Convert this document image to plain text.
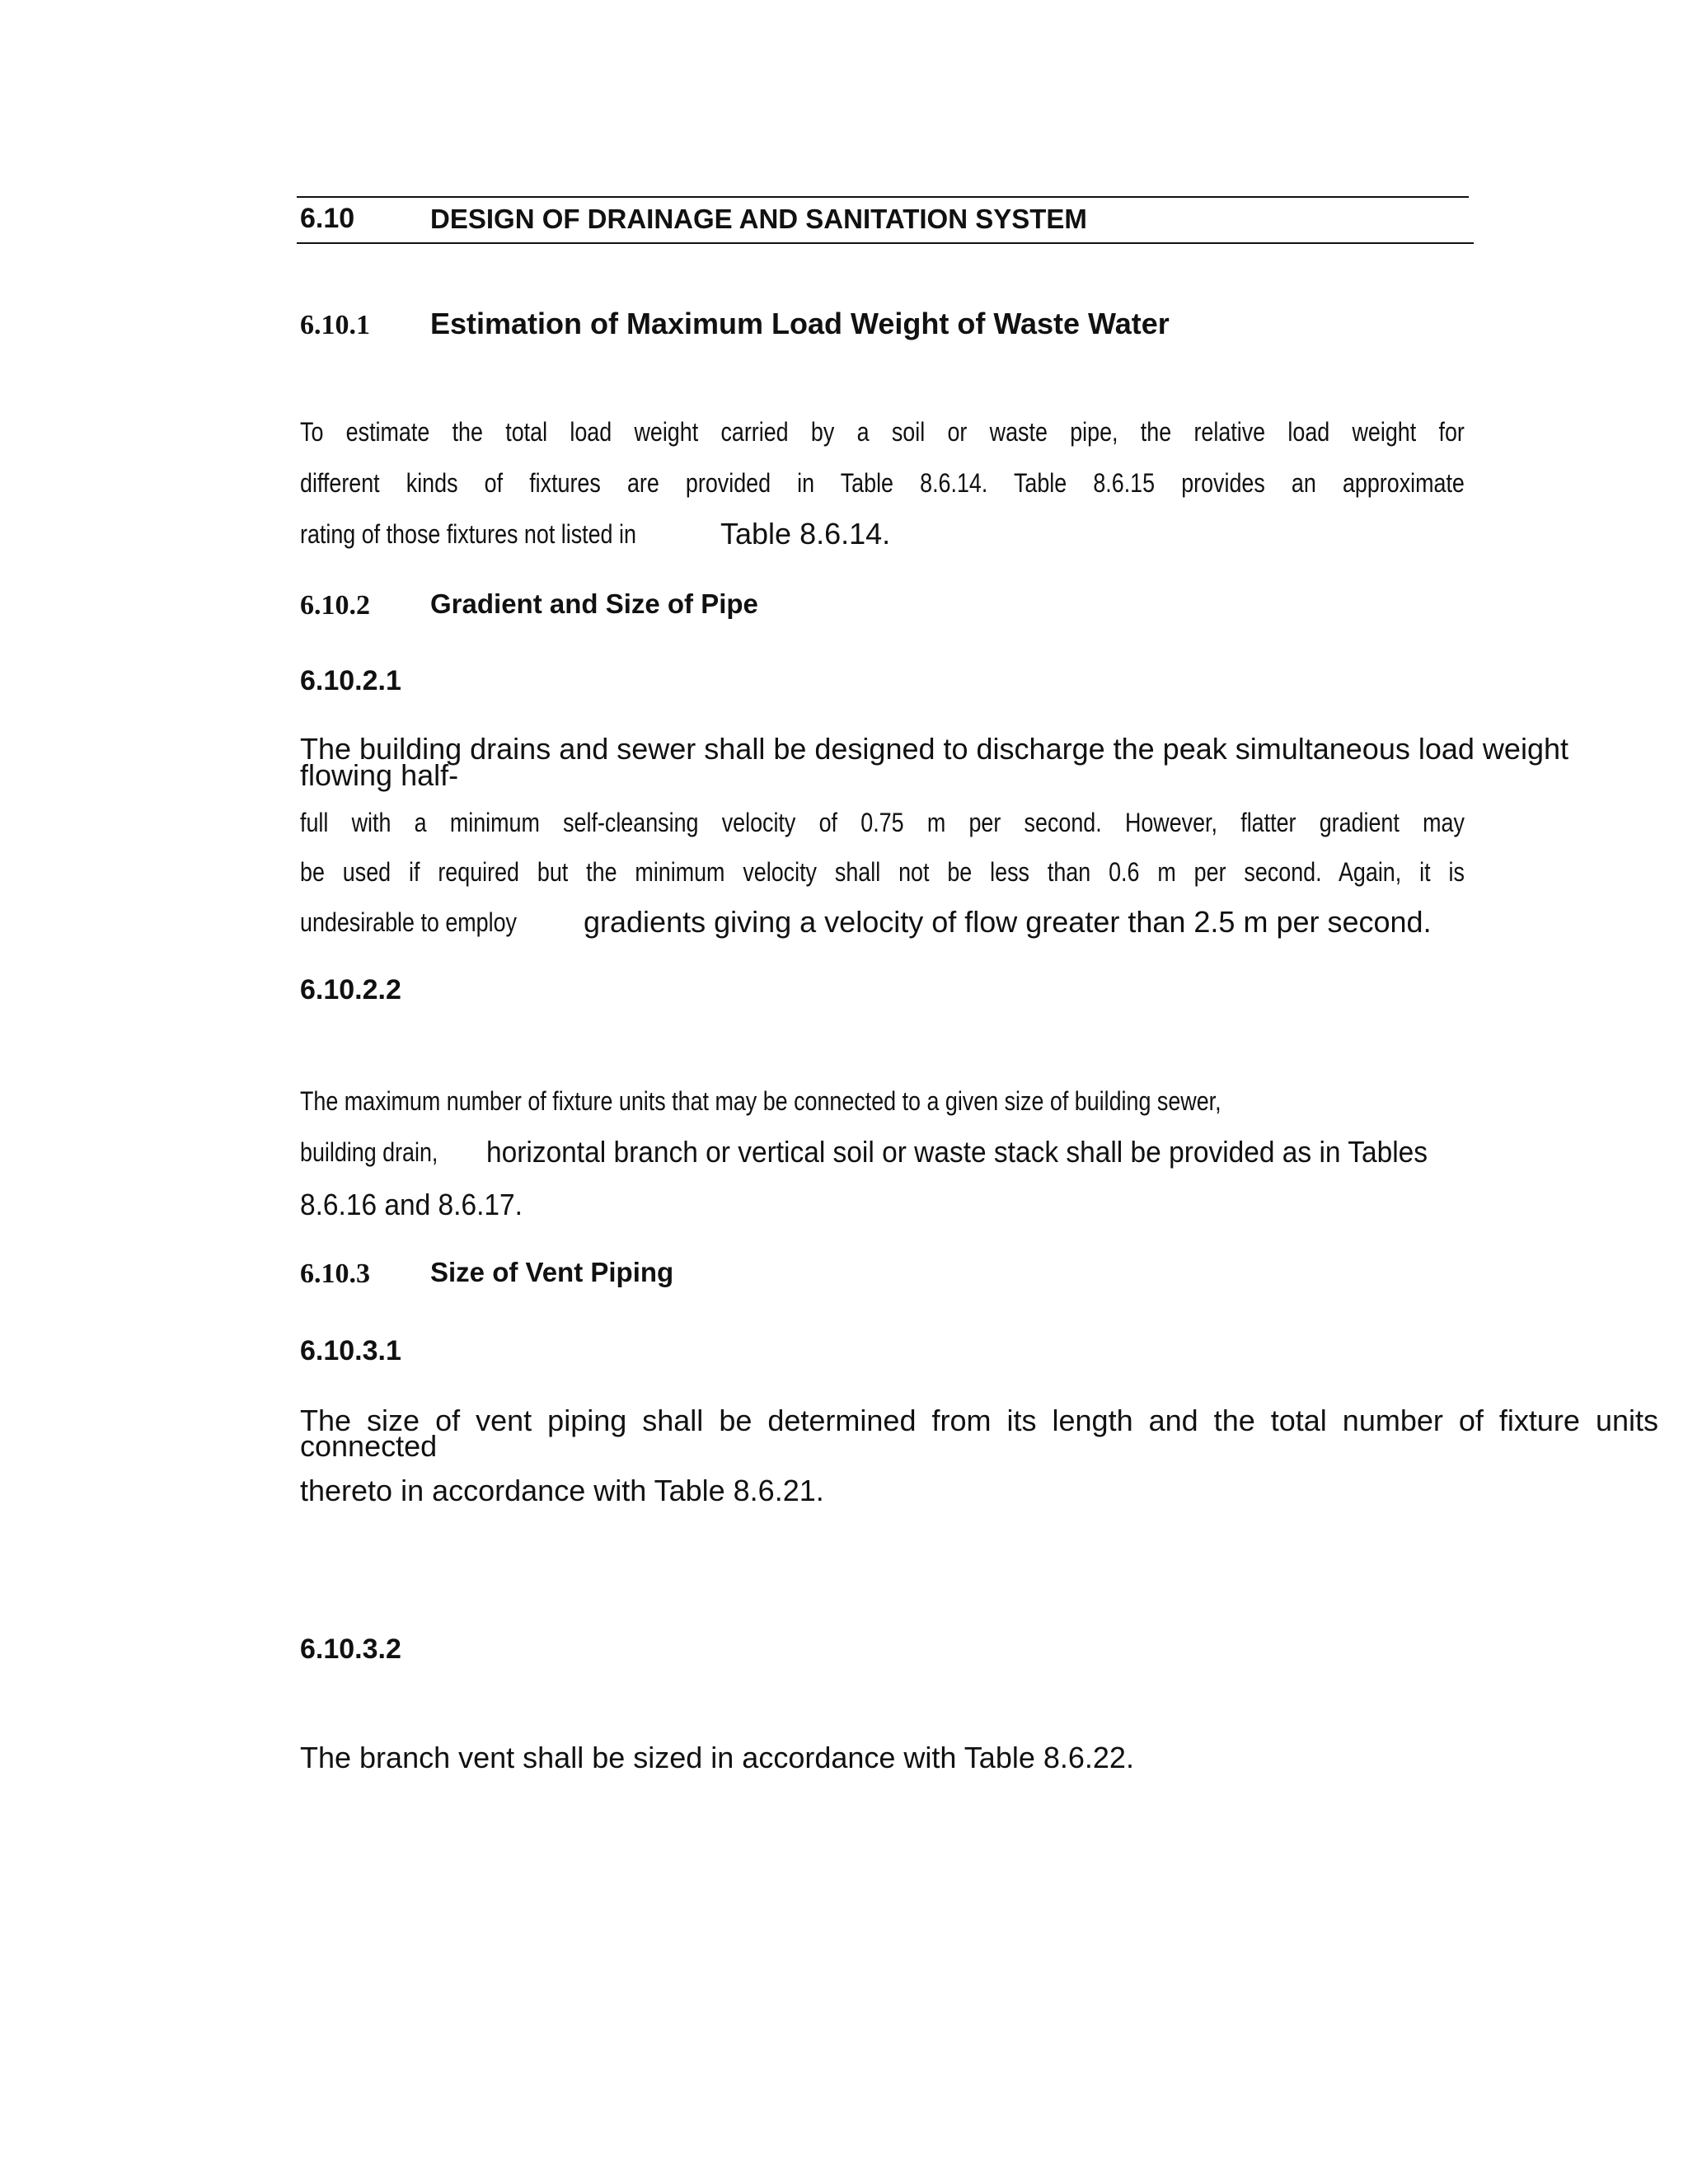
6.10	DESIGN OF DRAINAGE AND SANITATION SYSTEM
6.10.1 Estimation of Maximum Load Weight of Waste Water
To estimate the total load weight carried by a soil or waste pipe, the relative load weight for
different kinds of fixtures are provided in Table 8.6.14. Table 8.6.15 provides an approximate
rating of those fixtures not listed in	Table 8.6.14.
6.10.2 Gradient and Size of Pipe
6.10.2.1
The building drains and sewer shall be designed to discharge the peak simultaneous load weight
flowing half-
full with a minimum self-cleansing velocity of 0.75 m per second. However, flatter gradient may
be used if required but the minimum velocity shall not be less than 0.6 m per second. Again, it is
undesirable to employ gradients giving a velocity of flow greater than 2.5 m per second.
6.10.2.2
The maximum number of fixture units that may be connected to a given size of building sewer,
building drain, horizontal branch or vertical soil or waste stack shall be provided as in Tables
8.6.16 and 8.6.17.
6.10.3 Size of Vent Piping
6.10.3.1
The size of vent piping shall be determined from its length and the total number of fixture units
connected
thereto in accordance with Table 8.6.21.
6.10.3.2
The branch vent shall be sized in accordance with Table 8.6.22.
